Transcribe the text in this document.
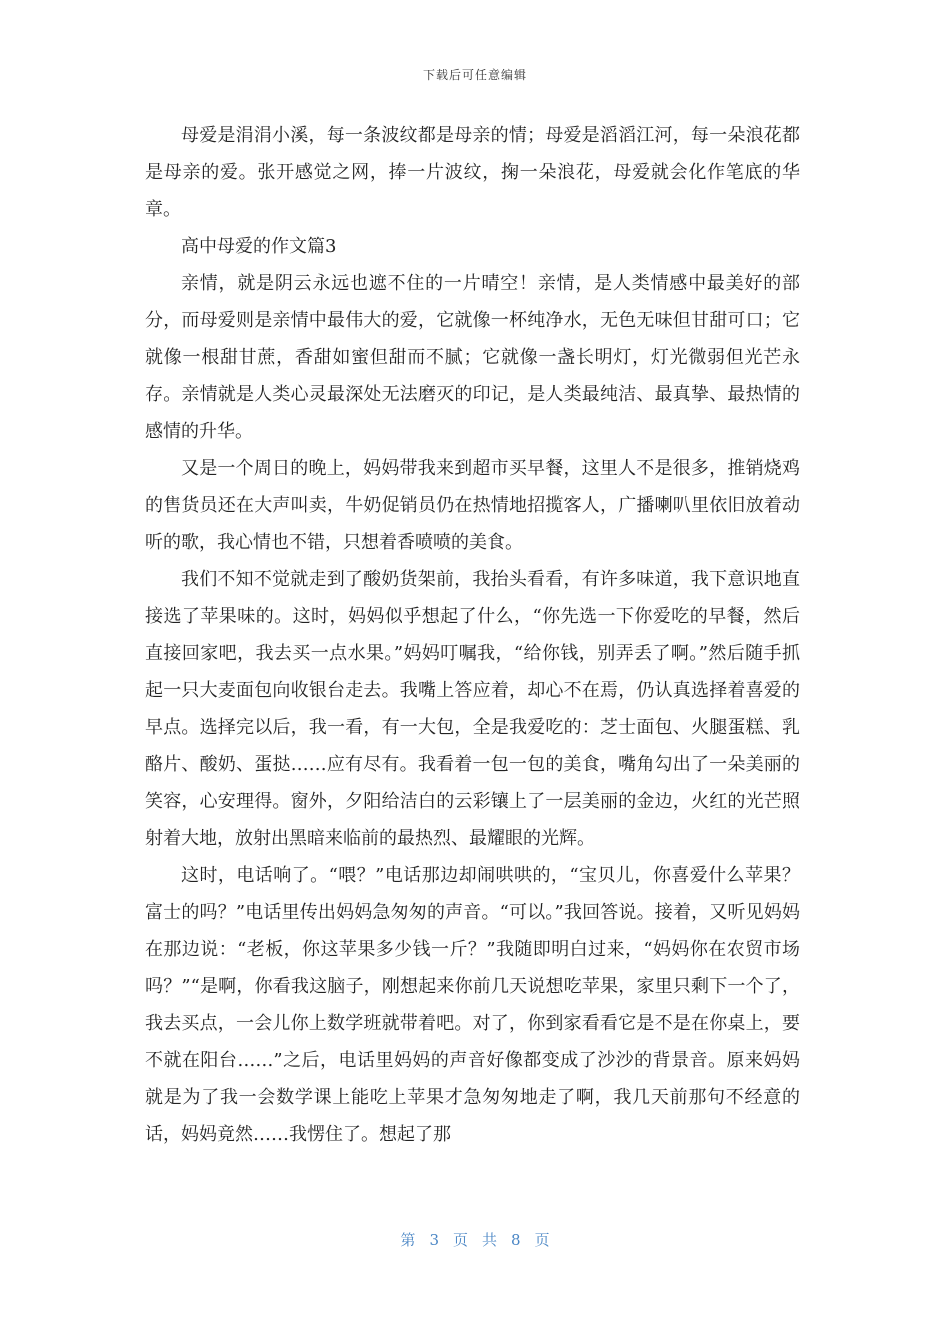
下载后可任意编辑

母爱是涓涓小溪，每一条波纹都是母亲的情；母爱是滔滔江河，每一朵浪花都是母亲的爱。张开感觉之网，捧一片波纹，掬一朵浪花，母爱就会化作笔底的华章。

高中母爱的作文篇3

亲情，就是阴云永远也遮不住的一片晴空！亲情，是人类情感中最美好的部分，而母爱则是亲情中最伟大的爱，它就像一杯纯净水，无色无味但甘甜可口；它就像一根甜甘蔗，香甜如蜜但甜而不腻；它就像一盏长明灯，灯光微弱但光芒永存。亲情就是人类心灵最深处无法磨灭的印记，是人类最纯洁、最真挚、最热情的感情的升华。

又是一个周日的晚上，妈妈带我来到超市买早餐，这里人不是很多，推销烧鸡的售货员还在大声叫卖，牛奶促销员仍在热情地招揽客人，广播喇叭里依旧放着动听的歌，我心情也不错，只想着香喷喷的美食。

我们不知不觉就走到了酸奶货架前，我抬头看看，有许多味道，我下意识地直接选了苹果味的。这时，妈妈似乎想起了什么，“你先选一下你爱吃的早餐，然后直接回家吧，我去买一点水果。”妈妈叮嘱我，“给你钱，别弄丢了啊。”然后随手抓起一只大麦面包向收银台走去。我嘴上答应着，却心不在焉，仍认真选择着喜爱的早点。选择完以后，我一看，有一大包，全是我爱吃的：芝士面包、火腿蛋糕、乳酪片、酸奶、蛋挞……应有尽有。我看着一包一包的美食，嘴角勾出了一朵美丽的笑容，心安理得。窗外，夕阳给洁白的云彩镶上了一层美丽的金边，火红的光芒照射着大地，放射出黑暗来临前的最热烈、最耀眼的光辉。

这时，电话响了。“喂？”电话那边却闹哄哄的，“宝贝儿，你喜爱什么苹果？富士的吗？”电话里传出妈妈急匆匆的声音。“可以。”我回答说。接着，又听见妈妈在那边说：“老板，你这苹果多少钱一斤？”我随即明白过来，“妈妈你在农贸市场吗？”“是啊，你看我这脑子，刚想起来你前几天说想吃苹果，家里只剩下一个了，我去买点，一会儿你上数学班就带着吧。对了，你到家看看它是不是在你桌上，要不就在阳台……”之后，电话里妈妈的声音好像都变成了沙沙的背景音。原来妈妈就是为了我一会数学课上能吃上苹果才急匆匆地走了啊，我几天前那句不经意的话，妈妈竟然……我愣住了。想起了那

第 3 页 共 8 页
